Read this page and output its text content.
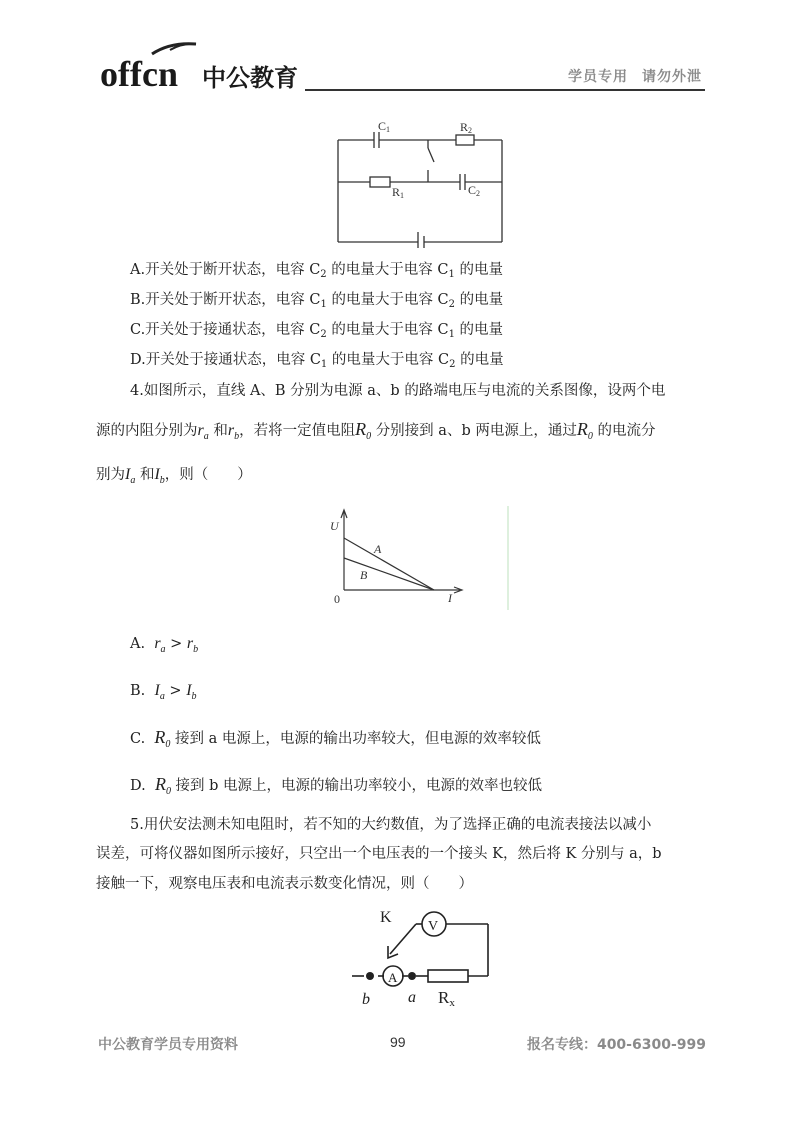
offcn 中公教育	学员专用 请勿外泄
C1	R2
R1	C2
A.开关处于断开状态，电容 $C_2$ 的电量大于电容 $C_1$ 的电量
B.开关处于断开状态，电容 $C_1$ 的电量大于电容 $C_2$ 的电量
C.开关处于接通状态，电容 $C_2$ 的电量大于电容 $C_1$ 的电量
D.开关处于接通状态，电容 $C_1$ 的电量大于电容 $C_2$ 的电量
4.如图所示，直线 A、B 分别为电源 a、b 的路端电压与电流的关系图像，设两个电
源的内阻分别为$r_a$ 和$r_b$，若将一定值电阻$R_0$ 分别接到 a、b 两电源上，通过$R_0$ 的电流分
别为$I_a$ 和$I_b$，则（　　）
U
I
0
A
B
A. $r_a > r_b$
B. $I_a > I_b$
C. $R_0$ 接到 a 电源上，电源的输出功率较大，但电源的效率较低
D. $R_0$ 接到 b 电源上，电源的输出功率较小，电源的效率也较低
5.用伏安法测未知电阻时，若不知的大约数值，为了选择正确的电流表接法以减小
误差，可将仪器如图所示接好，只空出一个电压表的一个接头 K，然后将 K 分别与 a，b
接触一下，观察电压表和电流表示数变化情况，则（　　）
K
V
A
b a Rx
中公教育学员专用资料	99	报名专线：400-6300-999
